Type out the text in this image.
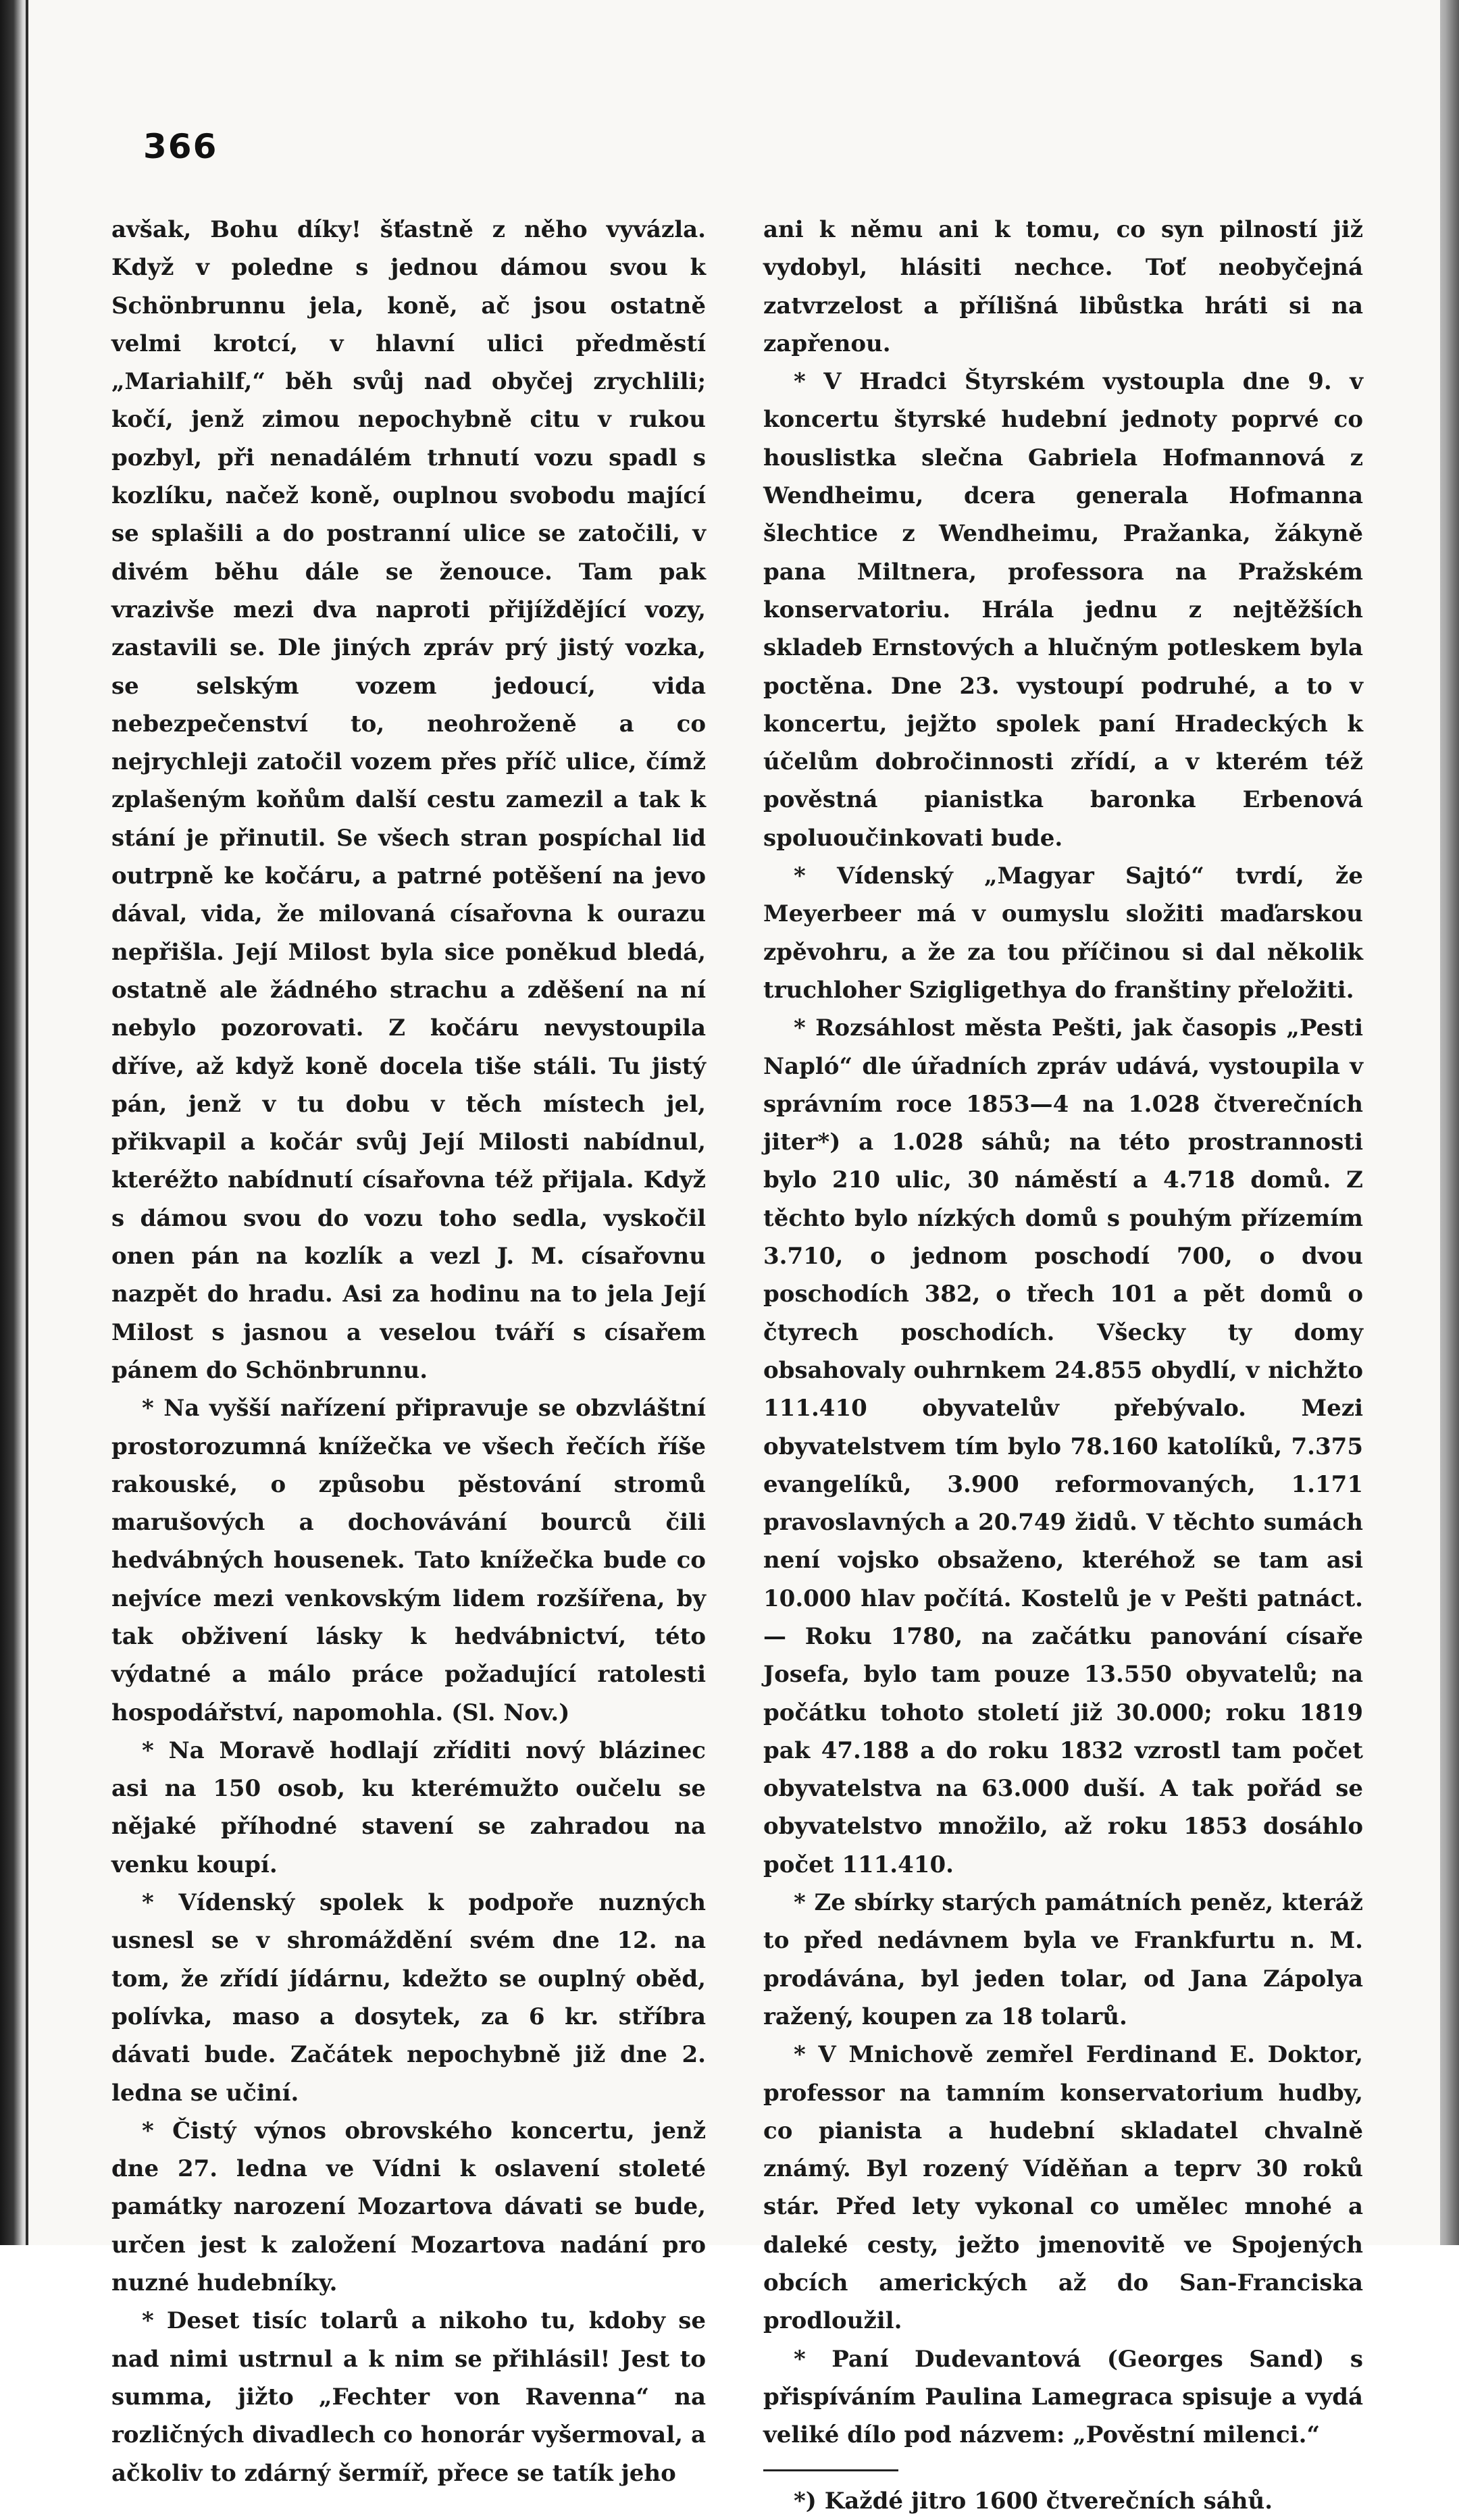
366

avšak, Bohu díky! šťastně z něho vyvázla. Když v poledne s jednou dámou svou k Schönbrunnu jela, koně, ač jsou ostatně velmi krotcí, v hlavní ulici předměstí „Mariahilf,“ běh svůj nad obyčej zrychlili; kočí, jenž zimou nepochybně citu v rukou pozbyl, při nenadálém trhnutí vozu spadl s kozlíku, načež koně, ouplnou svobodu mající se splašili a do postranní ulice se zatočili, v divém běhu dále se ženouce. Tam pak vrazivše mezi dva naproti přijíždějící vozy, zastavili se. Dle jiných zpráv prý jistý vozka, se selským vozem jedoucí, vida nebezpečenství to, neohroženě a co nejrychleji zatočil vozem přes příč ulice, čímž zplašeným koňům další cestu zamezil a tak k stání je přinutil. Se všech stran pospíchal lid outrpně ke kočáru, a patrné potěšení na jevo dával, vida, že milovaná císařovna k ourazu nepřišla. Její Milost byla sice poněkud bledá, ostatně ale žádného strachu a zděšení na ní nebylo pozorovati. Z kočáru nevystoupila dříve, až když koně docela tiše stáli. Tu jistý pán, jenž v tu dobu v těch místech jel, přikvapil a kočár svůj Její Milosti nabídnul, kteréžto nabídnutí císařovna též přijala. Když s dámou svou do vozu toho sedla, vyskočil onen pán na kozlík a vezl J. M. císařovnu nazpět do hradu. Asi za hodinu na to jela Její Milost s jasnou a veselou tváří s císařem pánem do Schönbrunnu.

* Na vyšší nařízení připravuje se obzvláštní prostorozumná knížečka ve všech řečích říše rakouské, o způsobu pěstování stromů marušových a dochovávání bourců čili hedvábných housenek. Tato knížečka bude co nejvíce mezi venkovským lidem rozšířena, by tak obživení lásky k hedvábnictví, této výdatné a málo práce požadující ratolesti hospodářství, napomohla. (Sl. Nov.)

* Na Moravě hodlají zříditi nový blázinec asi na 150 osob, ku kterémužto oučelu se nějaké příhodné stavení se zahradou na venku koupí.

* Vídenský spolek k podpoře nuzných usnesl se v shromáždění svém dne 12. na tom, že zřídí jídárnu, kdežto se ouplný oběd, polívka, maso a dosytek, za 6 kr. stříbra dávati bude. Začátek nepochybně již dne 2. ledna se učiní.

* Čistý výnos obrovského koncertu, jenž dne 27. ledna ve Vídni k oslavení stoleté památky narození Mozartova dávati se bude, určen jest k založení Mozartova nadání pro nuzné hudebníky.

* Deset tisíc tolarů a nikoho tu, kdoby se nad nimi ustrnul a k nim se přihlásil! Jest to summa, jižto „Fechter von Ravenna“ na rozličných divadlech co honorár vyšermoval, a ačkoliv to zdárný šermíř, přece se tatík jeho

ani k němu ani k tomu, co syn pilností již vydobyl, hlásiti nechce. Toť neobyčejná zatvrzelost a přílišná libůstka hráti si na zapřenou.

* V Hradci Štyrském vystoupla dne 9. v koncertu štyrské hudební jednoty poprvé co houslistka slečna Gabriela Hofmannová z Wendheimu, dcera generala Hofmanna šlechtice z Wendheimu, Pražanka, žákyně pana Miltnera, professora na Pražském konservatoriu. Hrála jednu z nejtěžších skladeb Ernstových a hlučným potleskem byla poctěna. Dne 23. vystoupí podruhé, a to v koncertu, jejžto spolek paní Hradeckých k účelům dobročinnosti zřídí, a v kterém též pověstná pianistka baronka Erbenová spoluoučinkovati bude.

* Vídenský „Magyar Sajtó“ tvrdí, že Meyerbeer má v oumyslu složiti maďarskou zpěvohru, a že za tou příčinou si dal několik truchloher Szigligethya do franštiny přeložiti.

* Rozsáhlost města Pešti, jak časopis „Pesti Napló“ dle úřadních zpráv udává, vystoupila v správním roce 1853—4 na 1.028 čtverečních jiter*) a 1.028 sáhů; na této prostrannosti bylo 210 ulic, 30 náměstí a 4.718 domů. Z těchto bylo nízkých domů s pouhým přízemím 3.710, o jednom poschodí 700, o dvou poschodích 382, o třech 101 a pět domů o čtyrech poschodích. Všecky ty domy obsahovaly ouhrnkem 24.855 obydlí, v nichžto 111.410 obyvatelův přebývalo. Mezi obyvatelstvem tím bylo 78.160 katolíků, 7.375 evangelíků, 3.900 reformovaných, 1.171 pravoslavných a 20.749 židů. V těchto sumách není vojsko obsaženo, kteréhož se tam asi 10.000 hlav počítá. Kostelů je v Pešti patnáct. — Roku 1780, na začátku panování císaře Josefa, bylo tam pouze 13.550 obyvatelů; na počátku tohoto století již 30.000; roku 1819 pak 47.188 a do roku 1832 vzrostl tam počet obyvatelstva na 63.000 duší. A tak pořád se obyvatelstvo množilo, až roku 1853 dosáhlo počet 111.410.

* Ze sbírky starých památních peněz, kteráž to před nedávnem byla ve Frankfurtu n. M. prodávána, byl jeden tolar, od Jana Zápolya ražený, koupen za 18 tolarů.

* V Mnichově zemřel Ferdinand E. Doktor, professor na tamním konservatorium hudby, co pianista a hudební skladatel chvalně známý. Byl rozený Víděňan a teprv 30 roků stár. Před lety vykonal co umělec mnohé a daleké cesty, ježto jmenovitě ve Spojených obcích amerických až do San-Franciska prodloužil.

* Paní Dudevantová (Georges Sand) s přispíváním Paulina Lamegraca spisuje a vydá veliké dílo pod názvem: „Pověstní milenci.“

*) Každé jitro 1600 čtverečních sáhů.
